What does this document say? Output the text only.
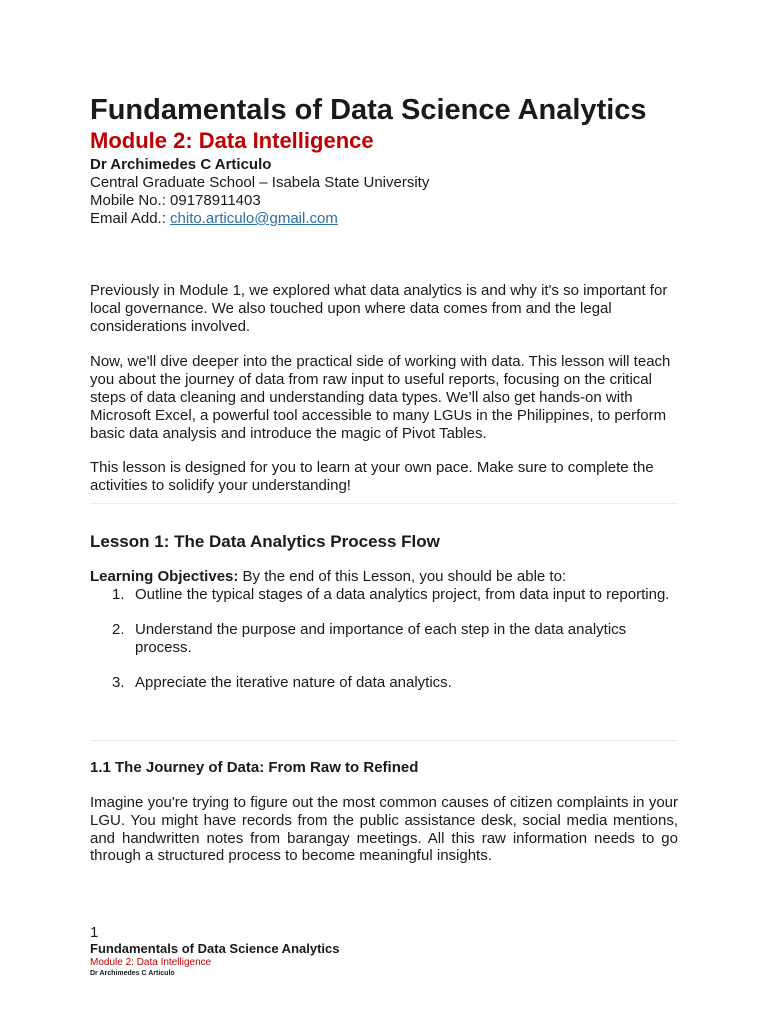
Fundamentals of Data Science Analytics
Module 2: Data Intelligence

Dr Archimedes C Articulo

Central Graduate School – Isabela State University

Mobile No.: 09178911403

Email Add.: chito.articulo@gmail.com

Previously in Module 1, we explored what data analytics is and why it's so important for local governance. We also touched upon where data comes from and the legal considerations involved.

Now, we'll dive deeper into the practical side of working with data. This lesson will teach you about the journey of data from raw input to useful reports, focusing on the critical steps of data cleaning and understanding data types. We’ll also get hands-on with Microsoft Excel, a powerful tool accessible to many LGUs in the Philippines, to perform basic data analysis and introduce the magic of Pivot Tables.

This lesson is designed for you to learn at your own pace. Make sure to complete the activities to solidify your understanding!

Lesson 1: The Data Analytics Process Flow

Learning Objectives: By the end of this Lesson, you should be able to:

1. Outline the typical stages of a data analytics project, from data input to reporting.
2. Understand the purpose and importance of each step in the data analytics process.
3. Appreciate the iterative nature of data analytics.
1.1 The Journey of Data: From Raw to Refined

Imagine you're trying to figure out the most common causes of citizen complaints in your LGU. You might have records from the public assistance desk, social media mentions, and handwritten notes from barangay meetings. All this raw information needs to go through a structured process to become meaningful insights.

1
Fundamentals of Data Science Analytics
Module 2: Data Intelligence
Dr Archimedes C Articulo
